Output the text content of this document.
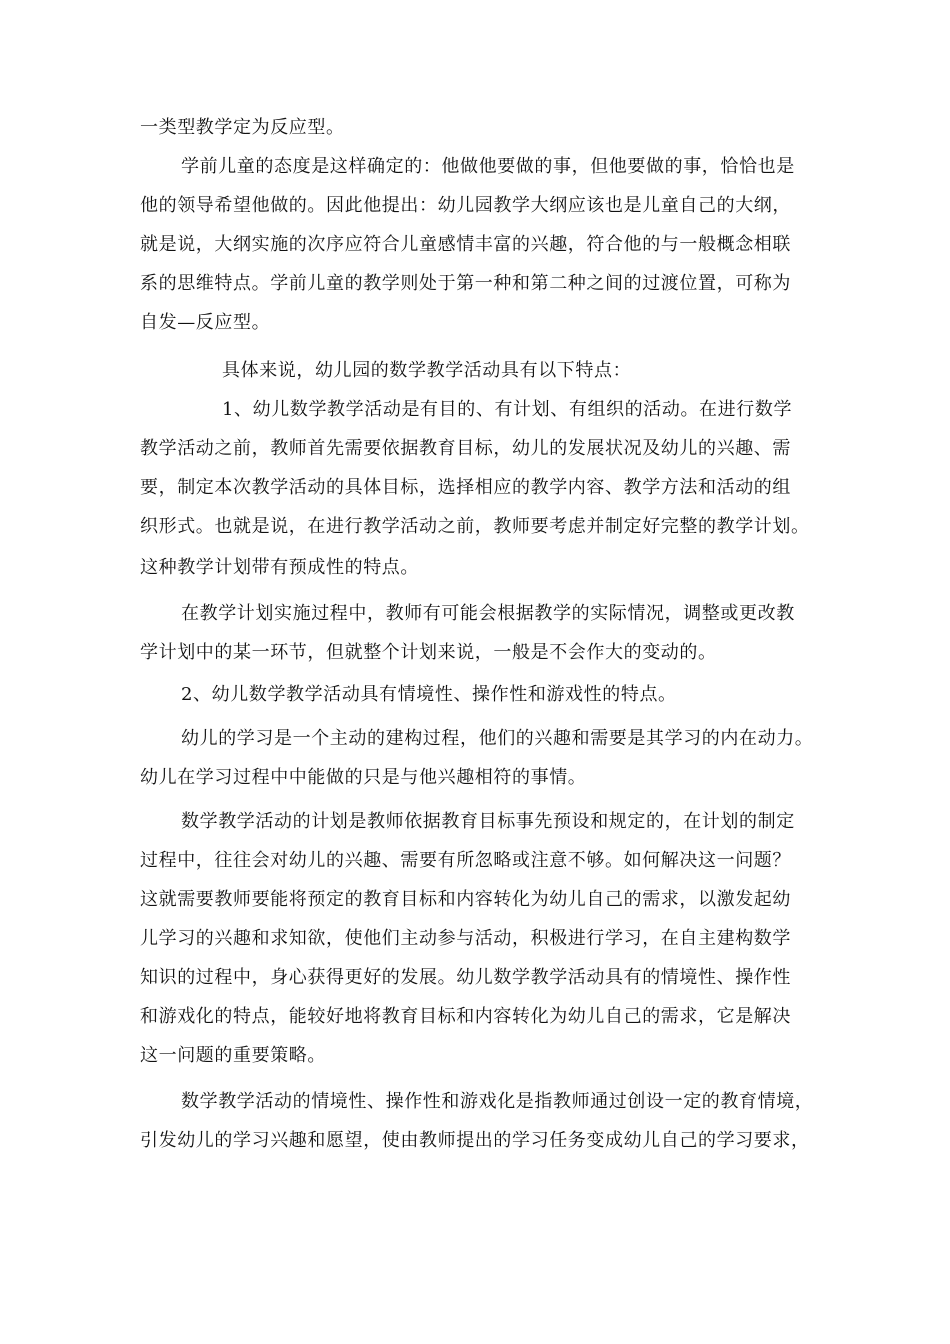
一类型教学定为反应型。
学前儿童的态度是这样确定的：他做他要做的事，但他要做的事，恰恰也是
他的领导希望他做的。因此他提出：幼儿园教学大纲应该也是儿童自己的大纲，
就是说，大纲实施的次序应符合儿童感情丰富的兴趣，符合他的与一般概念相联
系的思维特点。学前儿童的教学则处于第一种和第二种之间的过渡位置，可称为
自发—反应型。
具体来说，幼儿园的数学教学活动具有以下特点：
1、幼儿数学教学活动是有目的、有计划、有组织的活动。在进行数学
教学活动之前，教师首先需要依据教育目标，幼儿的发展状况及幼儿的兴趣、需
要，制定本次教学活动的具体目标，选择相应的教学内容、教学方法和活动的组
织形式。也就是说，在进行教学活动之前，教师要考虑并制定好完整的教学计划。
这种教学计划带有预成性的特点。
在教学计划实施过程中，教师有可能会根据教学的实际情况，调整或更改教
学计划中的某一环节，但就整个计划来说，一般是不会作大的变动的。
2、幼儿数学教学活动具有情境性、操作性和游戏性的特点。
幼儿的学习是一个主动的建构过程，他们的兴趣和需要是其学习的内在动力。
幼儿在学习过程中中能做的只是与他兴趣相符的事情。
数学教学活动的计划是教师依据教育目标事先预设和规定的，在计划的制定
过程中，往往会对幼儿的兴趣、需要有所忽略或注意不够。如何解决这一问题？
这就需要教师要能将预定的教育目标和内容转化为幼儿自己的需求，以激发起幼
儿学习的兴趣和求知欲，使他们主动参与活动，积极进行学习，在自主建构数学
知识的过程中，身心获得更好的发展。幼儿数学教学活动具有的情境性、操作性
和游戏化的特点，能较好地将教育目标和内容转化为幼儿自己的需求，它是解决
这一问题的重要策略。
数学教学活动的情境性、操作性和游戏化是指教师通过创设一定的教育情境，
引发幼儿的学习兴趣和愿望，使由教师提出的学习任务变成幼儿自己的学习要求，
